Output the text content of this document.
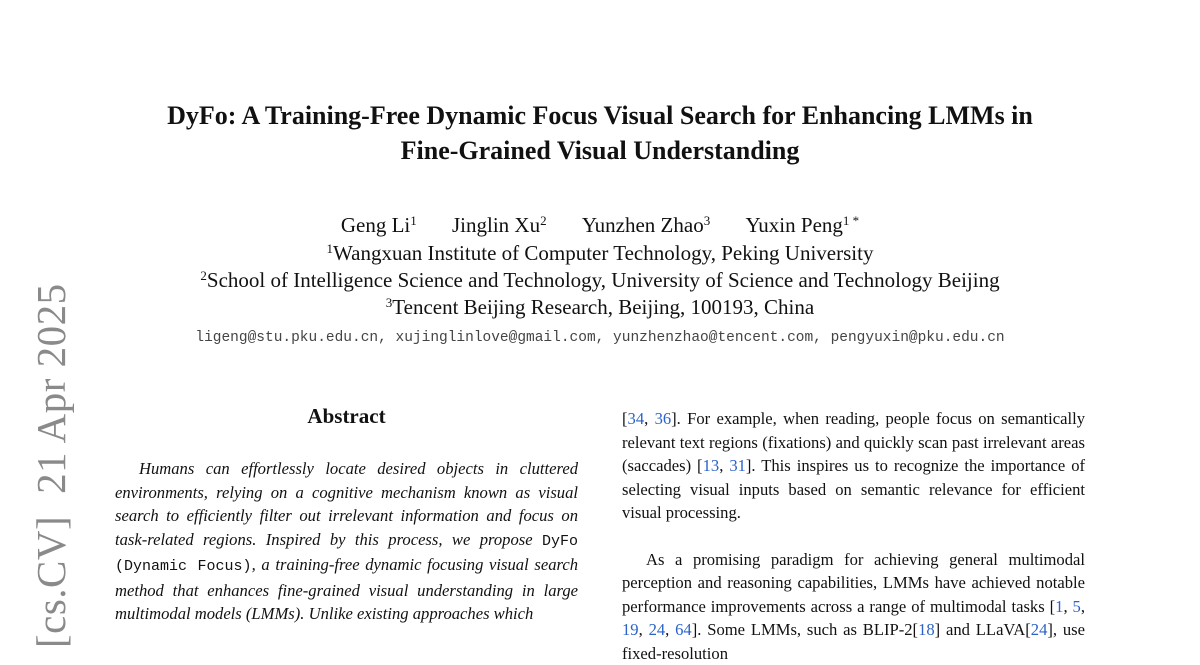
[cs.CV]21 Apr 2025
DyFo: A Training-Free Dynamic Focus Visual Search for Enhancing LMMs in
Fine-Grained Visual Understanding
Geng Li$^1$ Jinglin Xu$^2$ Yunzhen Zhao$^3$ Yuxin Peng$^{1 *}$
$^1$Wangxuan Institute of Computer Technology, Peking University
$^2$School of Intelligence Science and Technology, University of Science and Technology Beijing
$^3$Tencent Beijing Research, Beijing, 100193, China
ligeng@stu.pku.edu.cn, xujinglinlove@gmail.com, yunzhenzhao@tencent.com, pengyuxin@pku.edu.cn
Abstract

Humans can effortlessly locate desired objects in cluttered environments, relying on a cognitive mechanism known as visual search to efficiently filter out irrelevant information and focus on task-related regions. Inspired by this process, we propose DyFo (Dynamic Focus), a training-free dynamic focusing visual search method that enhances fine-grained visual understanding in large multimodal models (LMMs). Unlike existing approaches which

[34, 36]. For example, when reading, people focus on semantically relevant text regions (fixations) and quickly scan past irrelevant areas (saccades) [13, 31]. This inspires us to recognize the importance of selecting visual inputs based on semantic relevance for efficient visual processing.

As a promising paradigm for achieving general multimodal perception and reasoning capabilities, LMMs have achieved notable performance improvements across a range of multimodal tasks [1, 5, 19, 24, 64]. Some LMMs, such as BLIP-2[18] and LLaVA[24], use fixed-resolution
